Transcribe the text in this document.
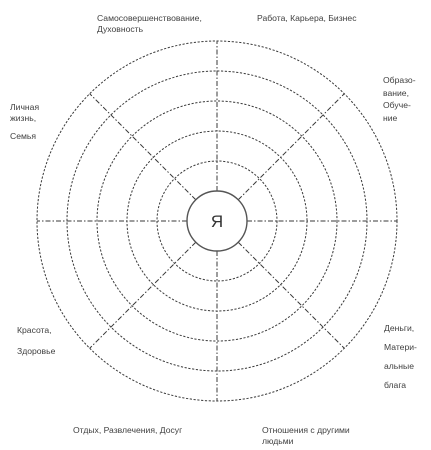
Я
Самосовершенствование,
Духовность
Работа, Карьера, Бизнес
Образо-
вание,
Обуче-
ние
Личная
жизнь,
Семья
Красота,
Здоровье
Деньги,
Матери-
альные
блага
Отдых, Развлечения, Досуг	Отношения с другими
людьми
